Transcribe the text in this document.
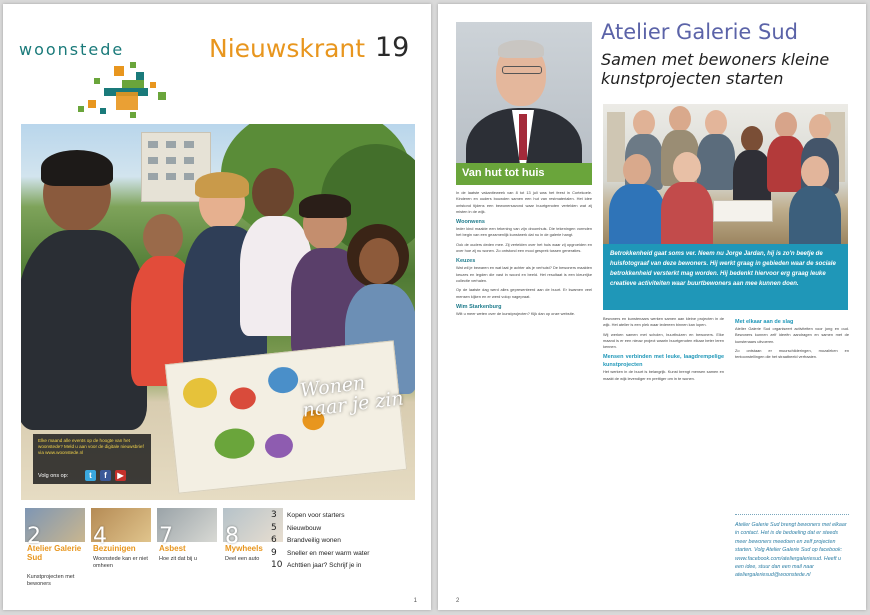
woonstede	Nieuwskrant 19
Wonen naar je zin
Elke maand alle events op de hoogte van het woonstede? Meld u aan voor de digitale nieuwsbrief via www.woonstede.nl
Volg ons op:	t	f	▶
2
Atelier Galerie Sud
Kunstprojecten met bewoners
4
Bezuinigen
Woonstede kan er niet omheen
7
Asbest
Hoe zit dat bij u
8
Mywheels
Deel een auto
3	Kopen voor starters
5	Nieuwbouw
6	Brandveilig wonen
9	Sneller en meer warm water
10 Achttien jaar? Schrijf je in
1
Van hut tot huis
Atelier Galerie Sud
Samen met bewoners kleine kunstprojecten starten
Betrokkenheid gaat soms ver. Neem nu Jorge Jardan, hij is zo'n beetje de huisfotograaf van deze bewoners. Hij werkt graag in gebieden waar de sociale betrokkenheid versterkt mag worden. Hij bedenkt hiervoor erg graag leuke creatieve activiteiten waar buurtbewoners aan mee kunnen doen.

In de laatste vakantieweek van 8 tot 13 juli was het feest in Cortekoele. Kinderen en ouders bouwden samen een hut van restmaterialen. Het idee ontstond tijdens een bewonersavond waar buurtgenoten vertelden wat zij misten in de wijk.

Woonwens

Ieder kind maakte een tekening van zijn droomhuis. Die tekeningen vormden het begin van een gezamenlijk kunstwerk dat nu in de galerie hangt.

Ook de ouders deden mee. Zij vertelden over het huis waar zij opgroeiden en over hoe zij nu wonen. Zo ontstond een mooi gesprek tussen generaties.

Keuzes

Wat wil je bewaren en wat laat je achter als je verhuist? De bewoners maakten keuzes en legden die vast in woord en beeld. Het resultaat is een kleurrijke collectie verhalen.

Op de laatste dag werd alles gepresenteerd aan de buurt. Er kwamen veel mensen kijken en er werd volop nagepraat.

Wim Starkenburg

Wilt u meer weten over de kunstprojecten? Kijk dan op onze website.

Bewoners en kunstenaars werken samen aan kleine projecten in de wijk. Het atelier is een plek waar iedereen binnen kan lopen.

Wij werken samen met scholen, buurthuizen en bewoners. Elke maand is er een nieuw project waarin buurtgenoten elkaar beter leren kennen.

Mensen verbinden met leuke, laagdrempelige kunstprojecten

Het werken in de buurt is belangrijk. Kunst brengt mensen samen en maakt de wijk levendiger en prettiger om in te wonen.

Met elkaar aan de slag

Atelier Galerie Sud organiseert activiteiten voor jong en oud. Bewoners kunnen zelf ideeën aandragen en samen met de kunstenaars uitvoeren.

Zo ontstaan er muurschilderingen, mozaïeken en tentoonstellingen die het straatbeeld verfraaien.

Atelier Galerie Sud brengt bewoners met elkaar in contact. Het is de bedoeling dat er steeds meer bewoners meedoen en zelf projecten starten. Volg Atelier Galerie Sud op facebook: www.facebook.com/ateliergaleriesud. Heeft u een idee, stuur dan een mail naar ateliergaleriesud@woonstede.nl
2
